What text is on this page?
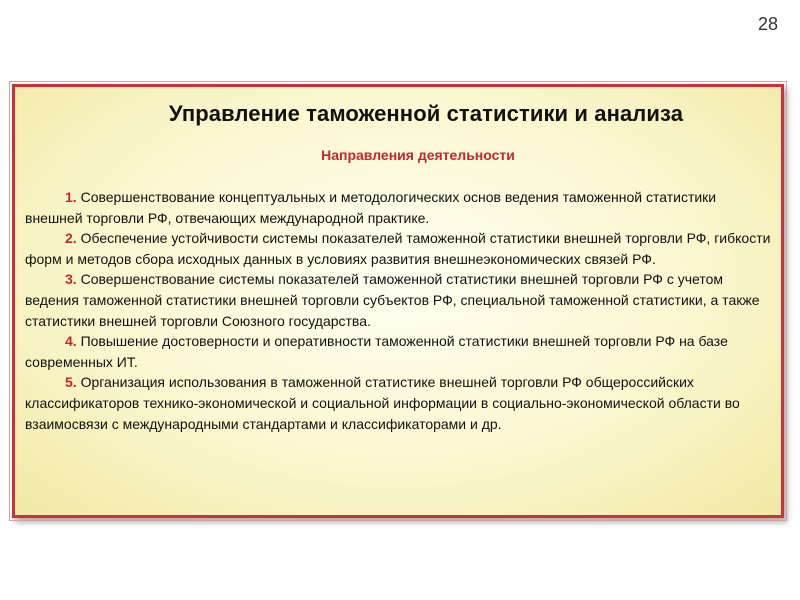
28
Управление таможенной статистики и анализа
Направления деятельности

1. Совершенствование концептуальных и методологических основ ведения таможенной статистики внешней торговли РФ, отвечающих международной практике.

2. Обеспечение устойчивости системы показателей таможенной статистики внешней торговли РФ, гибкости форм и методов сбора исходных данных в условиях развития внешнеэкономических связей РФ.

3. Совершенствование системы показателей таможенной статистики внешней торговли РФ с учетом ведения таможенной статистики внешней торговли субъектов РФ, специальной таможенной статистики, а также статистики внешней торговли Союзного государства.

4. Повышение достоверности и оперативности таможенной статистики внешней торговли РФ на базе современных ИТ.

5. Организация использования в таможенной статистике внешней торговли РФ общероссийских классификаторов технико-экономической и социальной информации в социально-экономической области во взаимосвязи с международными стандартами и классификаторами и др.
